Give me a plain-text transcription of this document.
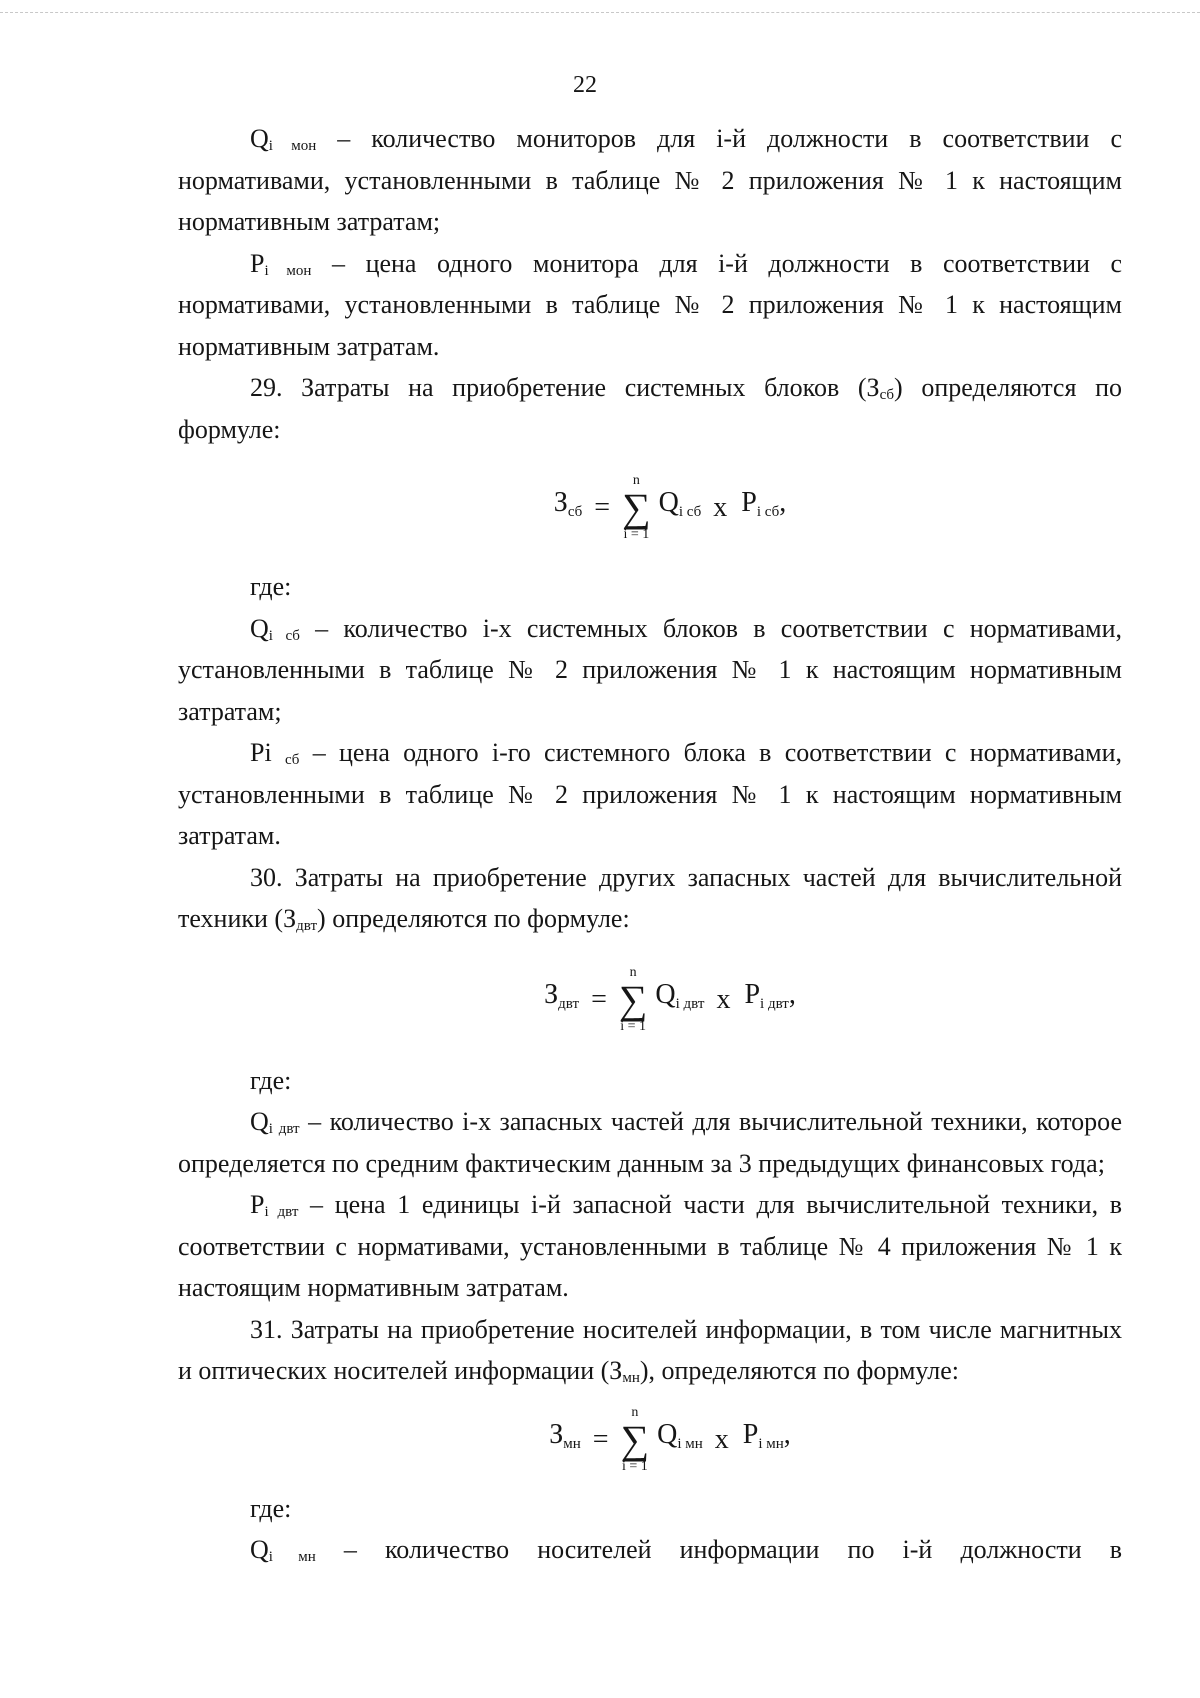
22

$Q_{i мон}$ – количество мониторов для i-й должности в соответствии с нормативами, установленными в таблице № 2 приложения № 1 к настоящим нормативным затратам;

$P_{i мон}$ – цена одного монитора для i-й должности в соответствии с нормативами, установленными в таблице № 2 приложения № 1 к настоящим нормативным затратам.

29. Затраты на приобретение системных блоков $(З_{сб})$ определяются по формуле:

Зсб =
n
∑
i = 1
Qi сб x Pi сб,

где:

$Q_{i сб}$ – количество i-х системных блоков в соответствии с нормативами, установленными в таблице № 2 приложения № 1 к настоящим нормативным затратам;

Pi $_{сб}$ – цена одного i-го системного блока в соответствии с нормативами, установленными в таблице № 2 приложения № 1 к настоящим нормативным затратам.

30. Затраты на приобретение других запасных частей для вычислительной техники $(З_{двт})$ определяются по формуле:

Здвт =
n
∑
i = 1
Qi двт x Pi двт,

где:

$Q_{i двт}$ – количество i-х запасных частей для вычислительной техники, которое определяется по средним фактическим данным за 3 предыдущих финансовых года;

$P_{i двт}$ – цена 1 единицы i-й запасной части для вычислительной техники, в соответствии с нормативами, установленными в таблице № 4 приложения № 1 к настоящим нормативным затратам.

31. Затраты на приобретение носителей информации, в том числе магнитных и оптических носителей информации $(З_{мн})$, определяются по формуле:

Змн =
n
∑
i = 1
Qi мн x Pi мн,

где:

$Q_{i мн}$ – количество носителей информации по i-й должности в
